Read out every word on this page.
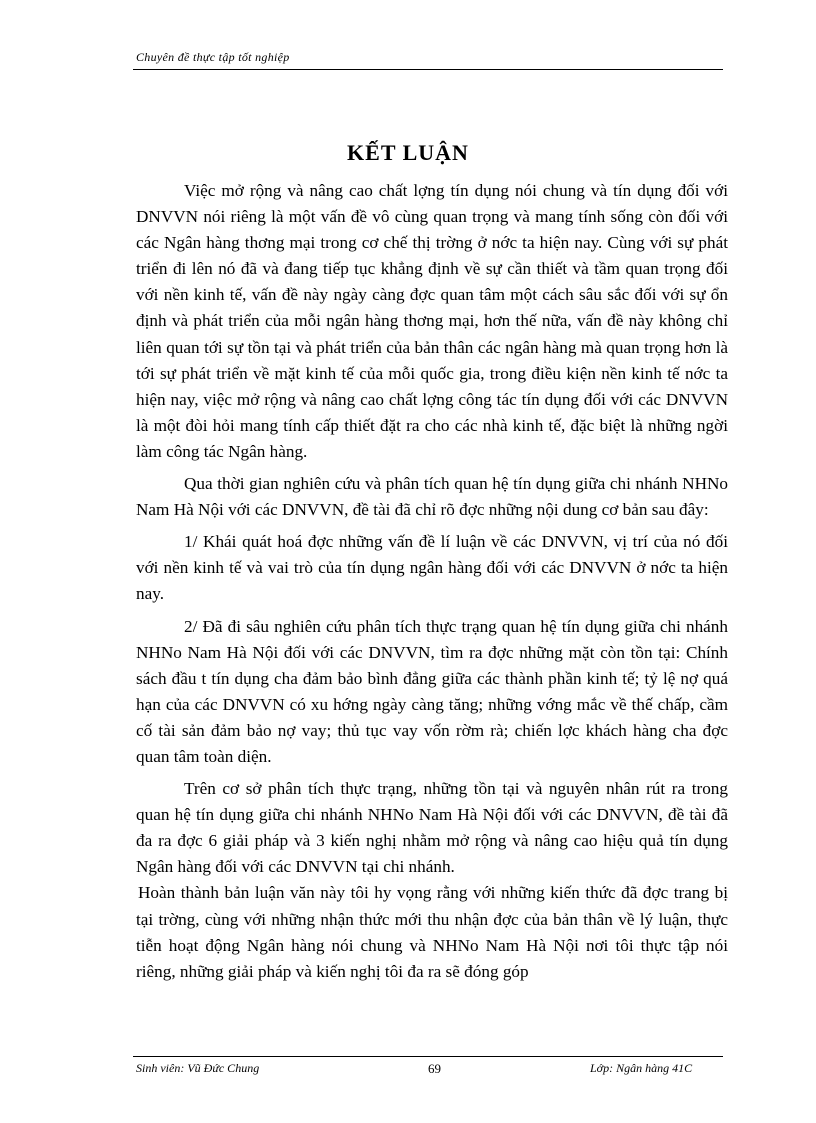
Chuyên đề thực tập tốt nghiệp
KẾT LUẬN

Việc mở rộng và nâng cao chất lợng tín dụng nói chung và tín dụng đối với DNVVN nói riêng là một vấn đề vô cùng quan trọng và mang tính sống còn đối với các Ngân hàng thơng mại trong cơ chế thị trờng ở nớc ta hiện nay. Cùng với sự phát triển đi lên nó đã và đang tiếp tục khẳng định về sự cần thiết và tầm quan trọng đối với nền kinh tế, vấn đề này ngày càng đợc quan tâm một cách sâu sắc đối với sự ổn định và phát triển của mỗi ngân hàng thơng mại, hơn thế nữa, vấn đề này không chỉ liên quan tới sự tồn tại và phát triển của bản thân các ngân hàng mà quan trọng hơn là tới sự phát triển về mặt kinh tế của mỗi quốc gia, trong điều kiện nền kinh tế nớc ta hiện nay, việc mở rộng và nâng cao chất lợng công tác tín dụng đối với các DNVVN là một đòi hỏi mang tính cấp thiết đặt ra cho các nhà kinh tế, đặc biệt là những ngời làm công tác Ngân hàng.

Qua thời gian nghiên cứu và phân tích quan hệ tín dụng giữa chi nhánh NHNo Nam Hà Nội với các DNVVN, đề tài đã chỉ rõ đợc những nội dung cơ bản sau đây:

1/ Khái quát hoá đợc những vấn đề lí luận về các DNVVN, vị trí của nó đối với nền kinh tế và vai trò của tín dụng ngân hàng đối với các DNVVN ở nớc ta hiện nay.

2/ Đã đi sâu nghiên cứu phân tích thực trạng quan hệ tín dụng giữa chi nhánh NHNo Nam Hà Nội đối với các DNVVN, tìm ra đợc những mặt còn tồn tại: Chính sách đầu t tín dụng cha đảm bảo bình đẳng giữa các thành phần kinh tế; tỷ lệ nợ quá hạn của các DNVVN có xu hớng ngày càng tăng; những vớng mắc về thế chấp, cầm cố tài sản đảm bảo nợ vay; thủ tục vay vốn rờm rà; chiến lợc khách hàng cha đợc quan tâm toàn diện.

Trên cơ sở phân tích thực trạng, những tồn tại và nguyên nhân rút ra trong quan hệ tín dụng giữa chi nhánh NHNo Nam Hà Nội đối với các DNVVN, đề tài đã đa ra đợc 6 giải pháp và 3 kiến nghị nhằm mở rộng và nâng cao hiệu quả tín dụng Ngân hàng đối với các DNVVN tại chi nhánh.

Hoàn thành bản luận văn này tôi hy vọng rằng với những kiến thức đã đợc trang bị tại trờng, cùng với những nhận thức mới thu nhận đợc của bản thân về lý luận, thực tiễn hoạt động Ngân hàng nói chung và NHNo Nam Hà Nội nơi tôi thực tập nói riêng, những giải pháp và kiến nghị tôi đa ra sẽ đóng góp

Sinh viên: Vũ Đức Chung	69	Lớp: Ngân hàng 41C
